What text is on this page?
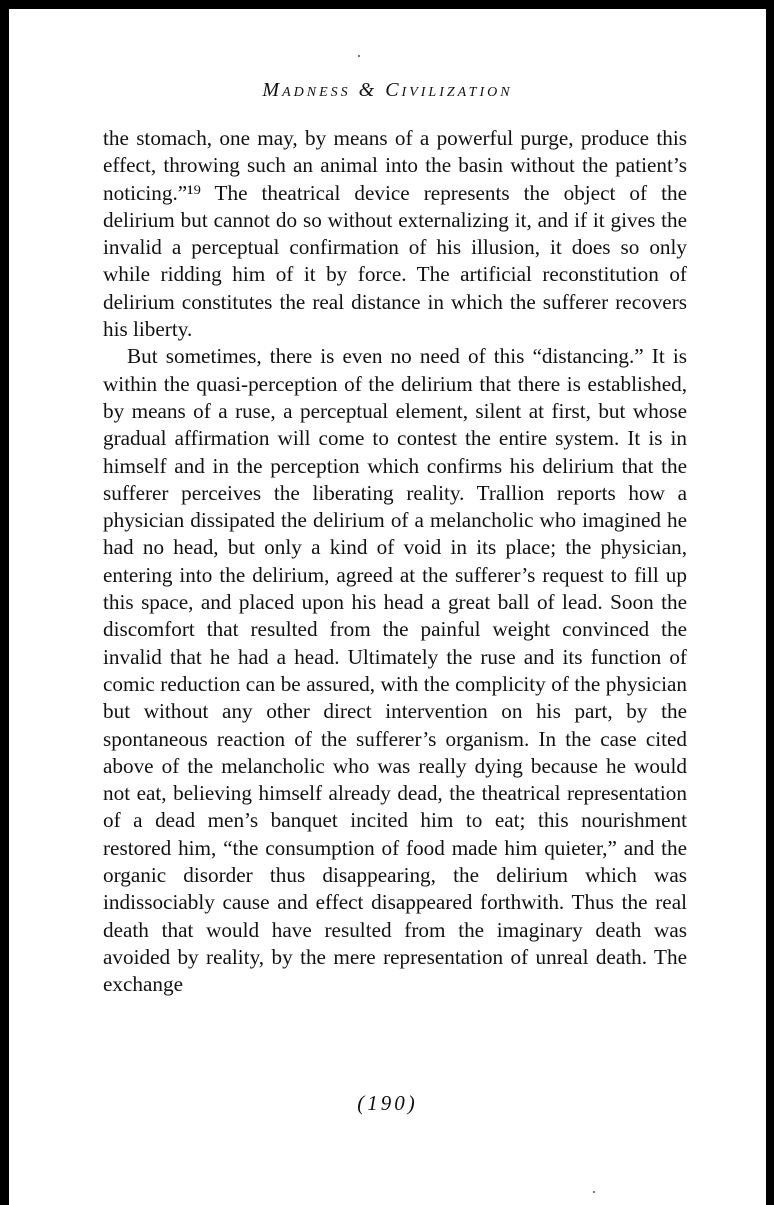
Madness & Civilization

the stomach, one may, by means of a powerful purge, produce this effect, throwing such an animal into the basin without the patient’s noticing.”¹⁹ The theatrical device represents the object of the delirium but cannot do so without externalizing it, and if it gives the invalid a perceptual confirmation of his illusion, it does so only while ridding him of it by force. The artificial reconstitution of delirium constitutes the real distance in which the sufferer recovers his liberty.

But sometimes, there is even no need of this “distancing.” It is within the quasi-perception of the delirium that there is established, by means of a ruse, a perceptual element, silent at first, but whose gradual affirmation will come to contest the entire system. It is in himself and in the perception which confirms his delirium that the sufferer perceives the liberating reality. Trallion reports how a physician dissipated the delirium of a melancholic who imagined he had no head, but only a kind of void in its place; the physician, entering into the delirium, agreed at the sufferer’s request to fill up this space, and placed upon his head a great ball of lead. Soon the discomfort that resulted from the painful weight convinced the invalid that he had a head. Ultimately the ruse and its function of comic reduction can be assured, with the complicity of the physician but without any other direct intervention on his part, by the spontaneous reaction of the sufferer’s organism. In the case cited above of the melancholic who was really dying because he would not eat, believing himself already dead, the theatrical representation of a dead men’s banquet incited him to eat; this nourishment restored him, “the consumption of food made him quieter,” and the organic disorder thus disappearing, the delirium which was indissociably cause and effect disappeared forthwith. Thus the real death that would have resulted from the imaginary death was avoided by reality, by the mere representation of unreal death. The exchange

(190)
